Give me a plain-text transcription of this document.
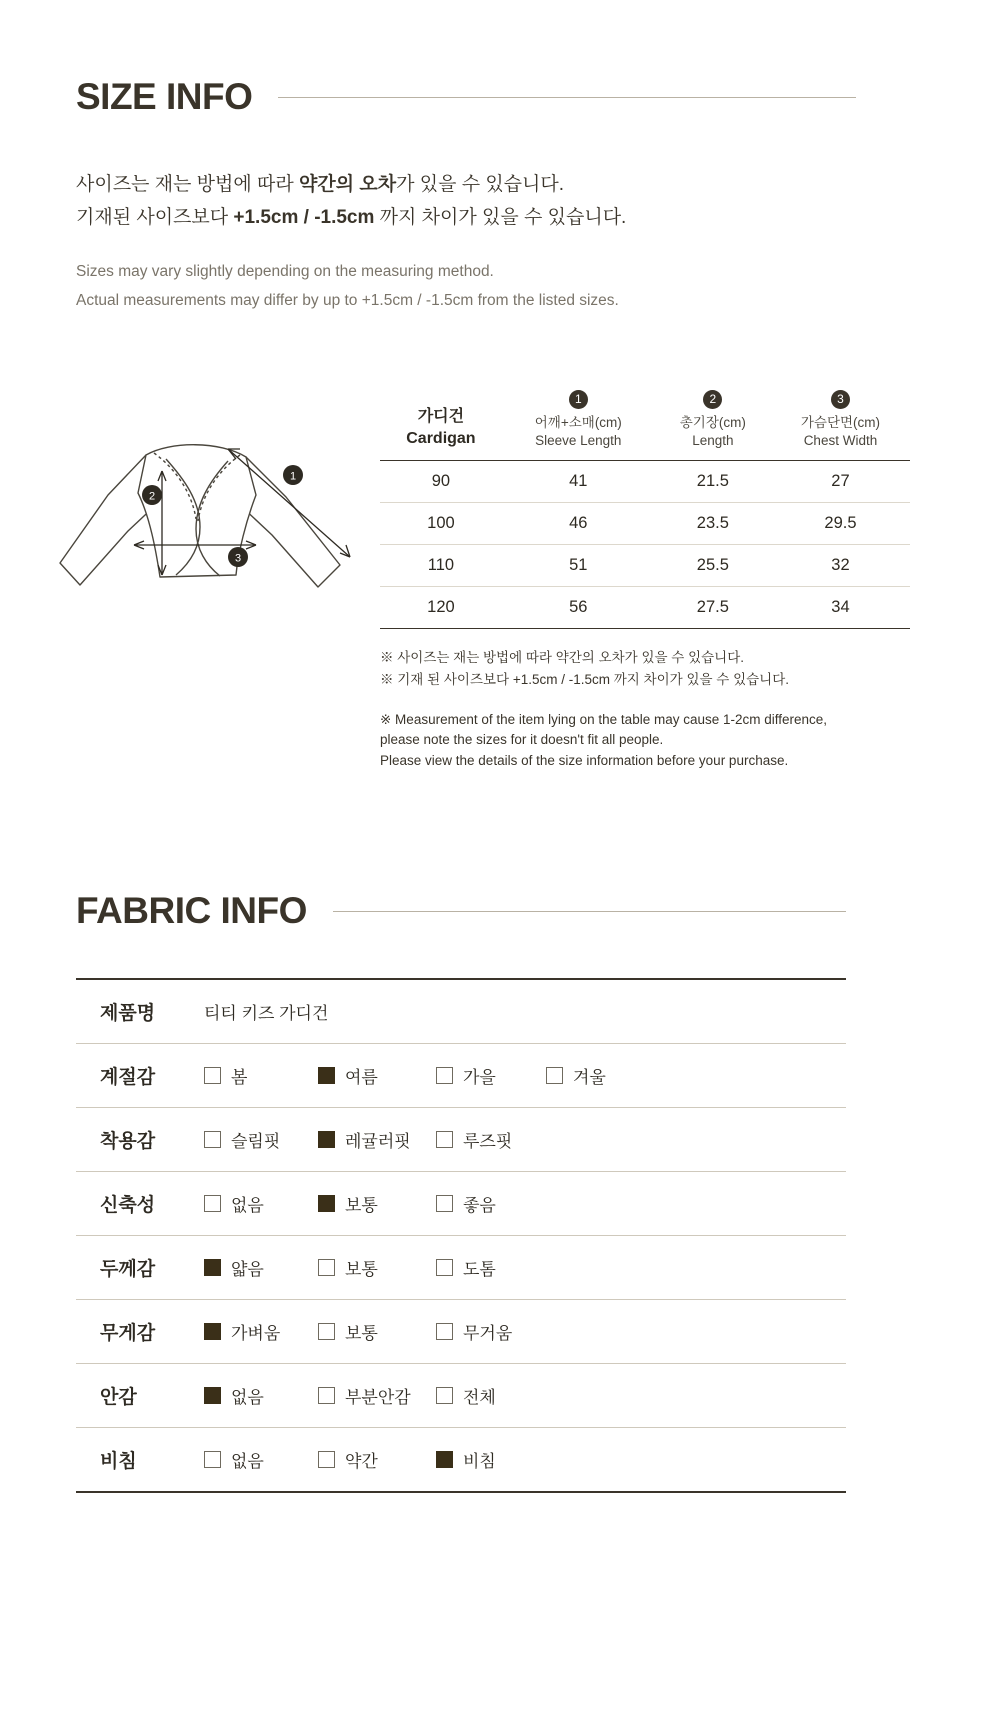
SIZE INFO
사이즈는 재는 방법에 따라 약간의 오차가 있을 수 있습니다.
기재된 사이즈보다 +1.5cm / -1.5cm 까지 차이가 있을 수 있습니다.
Sizes may vary slightly depending on the measuring method.
Actual measurements may differ by up to +1.5cm / -1.5cm from the listed sizes.
1
2
3
가디건
Cardigan

1
어깨+소매(cm)
Sleeve Length

2
총기장(cm)
Length

3
가슴단면(cm)
Chest Width

90	41	21.5	27
100	46	23.5	29.5
110	51	25.5	32
120	56	27.5	34
※ 사이즈는 재는 방법에 따라 약간의 오차가 있을 수 있습니다.
※ 기재 된 사이즈보다 +1.5cm / -1.5cm 까지 차이가 있을 수 있습니다.
※ Measurement of the item lying on the table may cause 1-2cm difference,
please note the sizes for it doesn't fit all people.
Please view the details of the size information before your purchase.
FABRIC INFO
제품명	티티 키즈 가디건
계절감	봄 여름 가을 겨울

착용감	슬림핏 레귤러핏 루즈핏

신축성	없음 보통 좋음

두께감	얇음 보통 도톰

무게감	가벼움 보통 무거움

안감	없음 부분안감 전체

비침	없음 약간 비침
